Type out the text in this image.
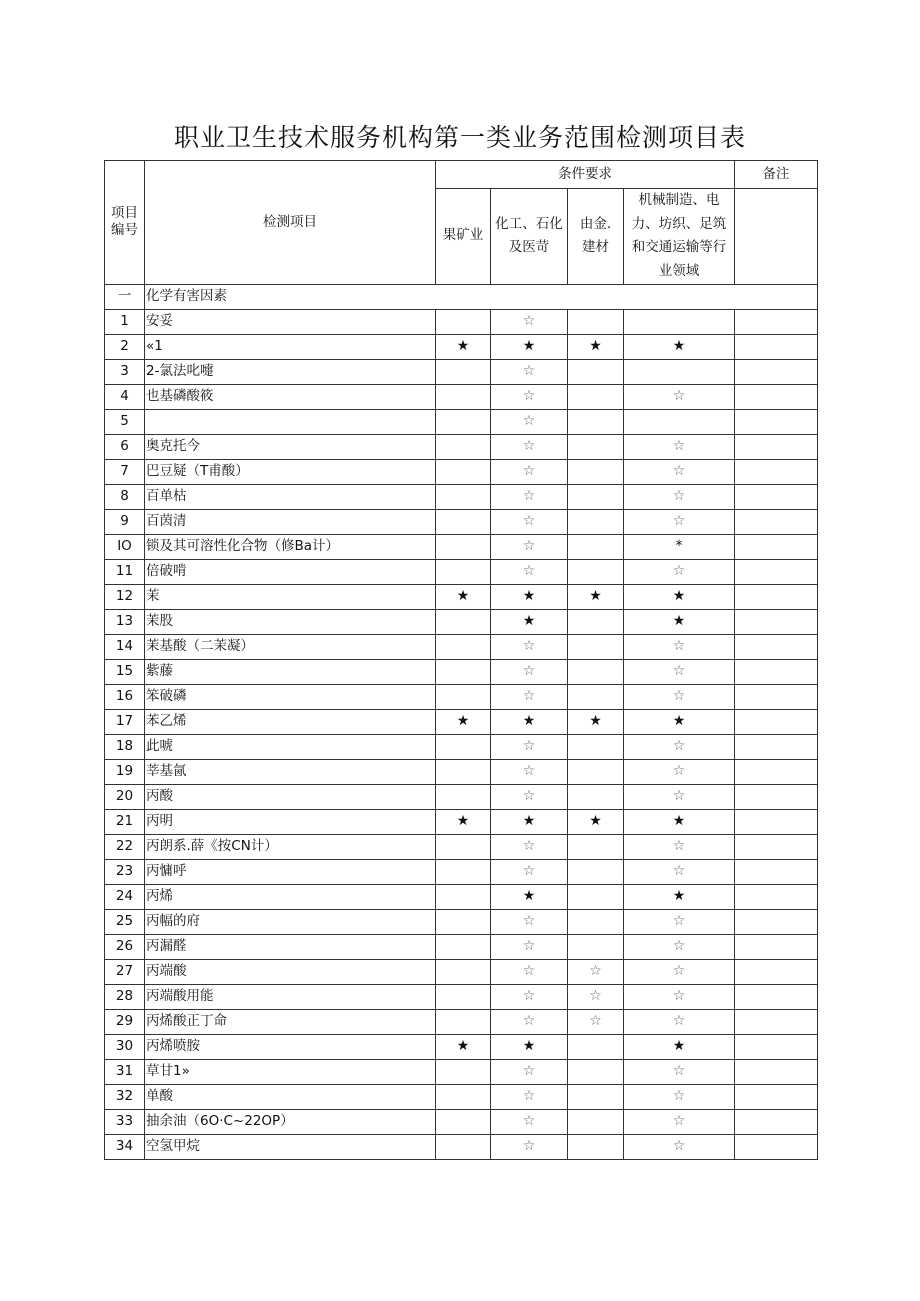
职业卫生技术服务机构第一类业务范围检测项目表
项目编号	检测项目	条件要求				备注
		果矿业	化工、石化及医苛	由金.建材	机械制造、电力、坊织、足筑和交通运输等行业领域	
一	化学有害因素					
1	安妥		☆			
2	«1	★	★	★	★	
3	2-氯法叱嚏		☆			
4	也基磷酸筱		☆		☆	
5			☆			
6	奥克托今		☆		☆	
7	巴豆疑（T甫酸）		☆		☆	
8	百单枯		☆		☆	
9	百茵清		☆		☆	
IO	锁及其可溶性化合物（修Ba计）		☆		*	
11	倍破啃		☆		☆	
12	茉	★	★	★	★	
13	茉股		★		★	
14	茉基酸（二茉凝）		☆		☆	
15	紫藤		☆		☆	
16	笨破磷		☆		☆	
17	苯乙烯	★	★	★	★	
18	此唬		☆		☆	
19	莘基氤		☆		☆	
20	丙酸		☆		☆	
21	丙明	★	★	★	★	
22	丙朗系.薛《按CN计）		☆		☆	
23	丙慵呼		☆		☆	
24	丙烯		★		★	
25	丙幅的府		☆		☆	
26	丙漏醛		☆		☆	
27	丙端酸		☆	☆	☆	
28	丙端酸用能		☆	☆	☆	
29	丙烯酸正丁命		☆	☆	☆	
30	丙烯喷胺	★	★		★	
31	草甘1»		☆		☆	
32	单酸		☆		☆	
33	抽余油（6O·C~22OP）		☆		☆	
34	空氢甲烷		☆		☆	
